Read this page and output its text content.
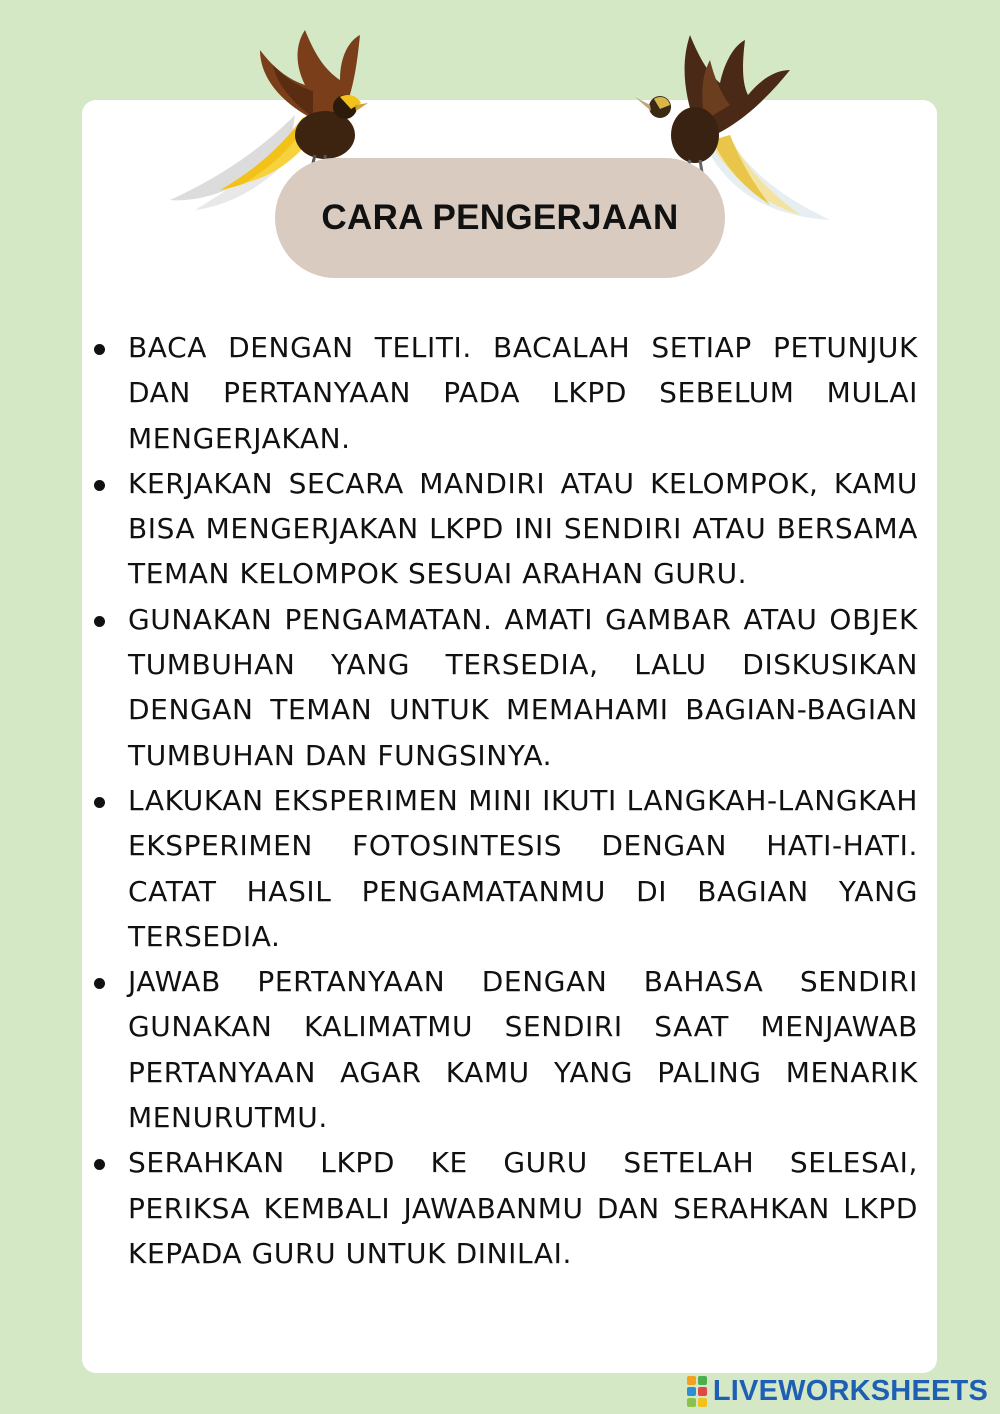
CARA PENGERJAAN
BACA DENGAN TELITI. BACALAH SETIAP PETUNJUK DAN PERTANYAAN PADA LKPD SEBELUM MULAI MENGERJAKAN.
KERJAKAN SECARA MANDIRI ATAU KELOMPOK, KAMU BISA MENGERJAKAN LKPD INI SENDIRI ATAU BERSAMA TEMAN KELOMPOK SESUAI ARAHAN GURU.
GUNAKAN PENGAMATAN. AMATI GAMBAR ATAU OBJEK TUMBUHAN YANG TERSEDIA, LALU DISKUSIKAN DENGAN TEMAN UNTUK MEMAHAMI BAGIAN-BAGIAN TUMBUHAN DAN FUNGSINYA.
LAKUKAN EKSPERIMEN MINI IKUTI LANGKAH-LANGKAH EKSPERIMEN FOTOSINTESIS DENGAN HATI-HATI. CATAT HASIL PENGAMATANMU DI BAGIAN YANG TERSEDIA.
JAWAB PERTANYAAN DENGAN BAHASA SENDIRI GUNAKAN KALIMATMU SENDIRI SAAT MENJAWAB PERTANYAAN AGAR KAMU YANG PALING MENARIK MENURUTMU.
SERAHKAN LKPD KE GURU SETELAH SELESAI, PERIKSA KEMBALI JAWABANMU DAN SERAHKAN LKPD KEPADA GURU UNTUK DINILAI.
LIVEWORKSHEETS
